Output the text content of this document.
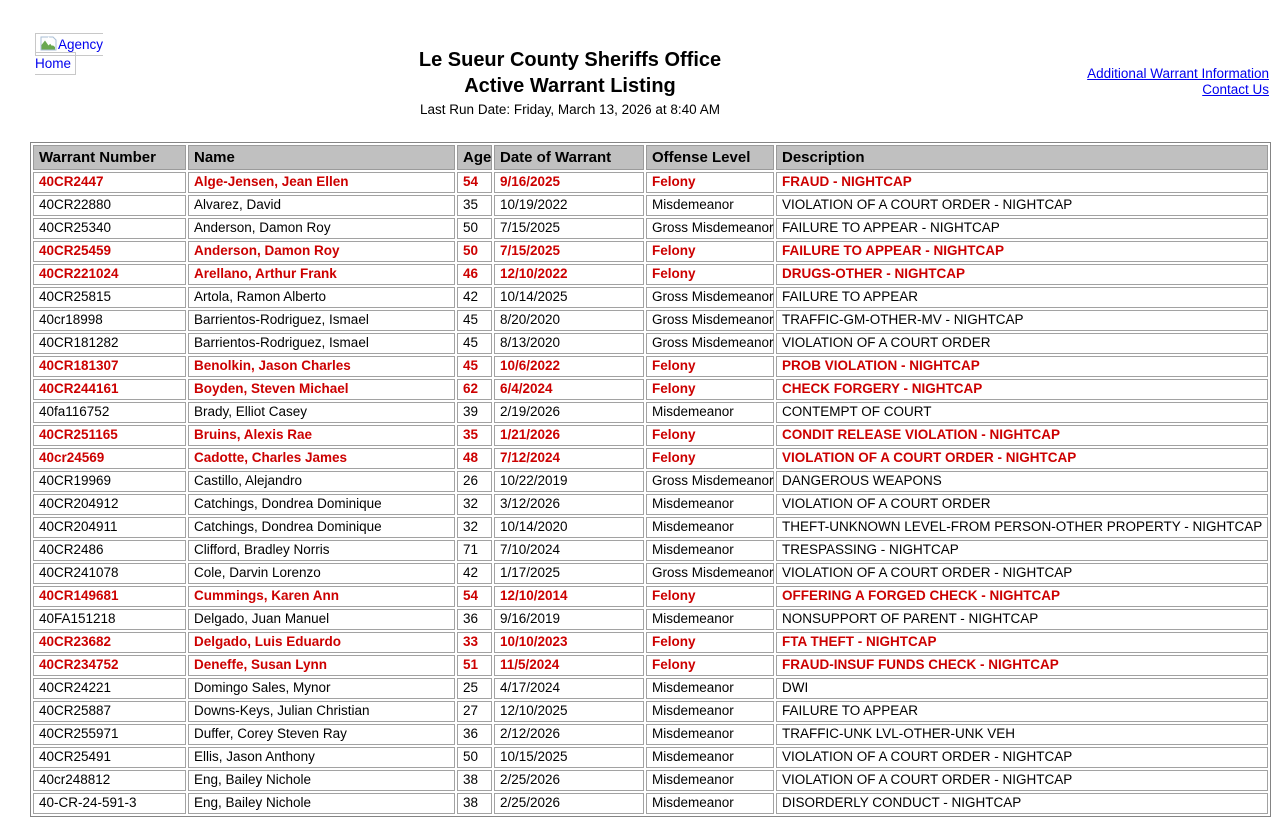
Agency Home	Le Sueur County Sheriffs Office
Active Warrant Listing
Last Run Date: Friday, March 13, 2026 at 8:40 AM
Additional Warrant Information
Contact Us
Warrant Number	Name	Age	Date of Warrant	Offense Level	Description
40CR2447	Alge-Jensen, Jean Ellen	54	9/16/2025	Felony	FRAUD - NIGHTCAP
40CR22880	Alvarez, David	35	10/19/2022	Misdemeanor	VIOLATION OF A COURT ORDER - NIGHTCAP
40CR25340	Anderson, Damon Roy	50	7/15/2025	Gross Misdemeanor	FAILURE TO APPEAR - NIGHTCAP
40CR25459	Anderson, Damon Roy	50	7/15/2025	Felony	FAILURE TO APPEAR - NIGHTCAP
40CR221024	Arellano, Arthur Frank	46	12/10/2022	Felony	DRUGS-OTHER - NIGHTCAP
40CR25815	Artola, Ramon Alberto	42	10/14/2025	Gross Misdemeanor	FAILURE TO APPEAR
40cr18998	Barrientos-Rodriguez, Ismael	45	8/20/2020	Gross Misdemeanor	TRAFFIC-GM-OTHER-MV - NIGHTCAP
40CR181282	Barrientos-Rodriguez, Ismael	45	8/13/2020	Gross Misdemeanor	VIOLATION OF A COURT ORDER
40CR181307	Benolkin, Jason Charles	45	10/6/2022	Felony	PROB VIOLATION - NIGHTCAP
40CR244161	Boyden, Steven Michael	62	6/4/2024	Felony	CHECK FORGERY - NIGHTCAP
40fa116752	Brady, Elliot Casey	39	2/19/2026	Misdemeanor	CONTEMPT OF COURT
40CR251165	Bruins, Alexis Rae	35	1/21/2026	Felony	CONDIT RELEASE VIOLATION - NIGHTCAP
40cr24569	Cadotte, Charles James	48	7/12/2024	Felony	VIOLATION OF A COURT ORDER - NIGHTCAP
40CR19969	Castillo, Alejandro	26	10/22/2019	Gross Misdemeanor	DANGEROUS WEAPONS
40CR204912	Catchings, Dondrea Dominique	32	3/12/2026	Misdemeanor	VIOLATION OF A COURT ORDER
40CR204911	Catchings, Dondrea Dominique	32	10/14/2020	Misdemeanor	THEFT-UNKNOWN LEVEL-FROM PERSON-OTHER PROPERTY - NIGHTCAP
40CR2486	Clifford, Bradley Norris	71	7/10/2024	Misdemeanor	TRESPASSING - NIGHTCAP
40CR241078	Cole, Darvin Lorenzo	42	1/17/2025	Gross Misdemeanor	VIOLATION OF A COURT ORDER - NIGHTCAP
40CR149681	Cummings, Karen Ann	54	12/10/2014	Felony	OFFERING A FORGED CHECK - NIGHTCAP
40FA151218	Delgado, Juan Manuel	36	9/16/2019	Misdemeanor	NONSUPPORT OF PARENT - NIGHTCAP
40CR23682	Delgado, Luis Eduardo	33	10/10/2023	Felony	FTA THEFT - NIGHTCAP
40CR234752	Deneffe, Susan Lynn	51	11/5/2024	Felony	FRAUD-INSUF FUNDS CHECK - NIGHTCAP
40CR24221	Domingo Sales, Mynor	25	4/17/2024	Misdemeanor	DWI
40CR25887	Downs-Keys, Julian Christian	27	12/10/2025	Misdemeanor	FAILURE TO APPEAR
40CR255971	Duffer, Corey Steven Ray	36	2/12/2026	Misdemeanor	TRAFFIC-UNK LVL-OTHER-UNK VEH
40CR25491	Ellis, Jason Anthony	50	10/15/2025	Misdemeanor	VIOLATION OF A COURT ORDER - NIGHTCAP
40cr248812	Eng, Bailey Nichole	38	2/25/2026	Misdemeanor	VIOLATION OF A COURT ORDER - NIGHTCAP
40-CR-24-591-3	Eng, Bailey Nichole	38	2/25/2026	Misdemeanor	DISORDERLY CONDUCT - NIGHTCAP
